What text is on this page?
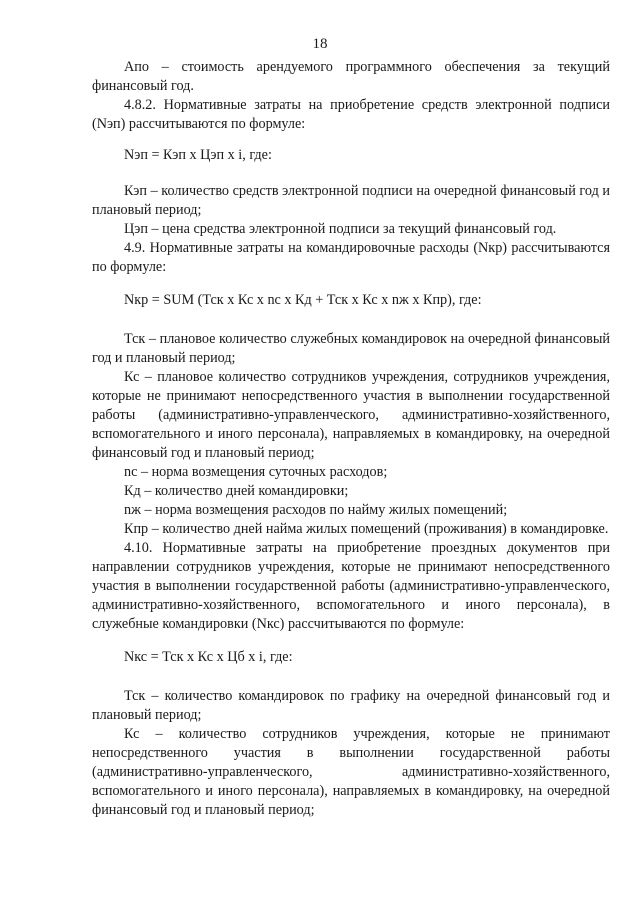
18

Апо – стоимость арендуемого программного обеспечения за текущий финансовый год.

4.8.2. Нормативные затраты на приобретение средств электронной подписи (Nэп) рассчитываются по формуле:

Nэп = Кэп x Цэп x i, где:

Кэп – количество средств электронной подписи на очередной финансовый год и плановый период;

Цэп – цена средства электронной подписи за текущий финансовый год.

4.9. Нормативные затраты на командировочные расходы (Nкр) рассчитываются по формуле:

Nкр = SUM (Тск x Кс x nс x Кд + Тск x Кс x nж x Кпр), где:

Тск – плановое количество служебных командировок на очередной финансовый год и плановый период;

Кс – плановое количество сотрудников учреждения, сотрудников учреждения, которые не принимают непосредственного участия в выполнении государственной работы (административно-управленческого, административно-хозяйственного, вспомогательного и иного персонала), направляемых в командировку, на очередной финансовый год и плановый период;

nс – норма возмещения суточных расходов;

Кд – количество дней командировки;

nж – норма возмещения расходов по найму жилых помещений;

Кпр – количество дней найма жилых помещений (проживания) в командировке.

4.10. Нормативные затраты на приобретение проездных документов при направлении сотрудников учреждения, которые не принимают непосредственного участия в выполнении государственной работы (административно-управленческого, административно-хозяйственного, вспомогательного и иного персонала), в служебные командировки (Nкс) рассчитываются по формуле:

Nкс = Тск x Кс x Цб x i, где:

Тск – количество командировок по графику на очередной финансовый год и плановый период;

Кс – количество сотрудников учреждения, которые не принимают непосредственного участия в выполнении государственной работы (административно-управленческого, административно-хозяйственного, вспомогательного и иного персонала), направляемых в командировку, на очередной финансовый год и плановый период;
